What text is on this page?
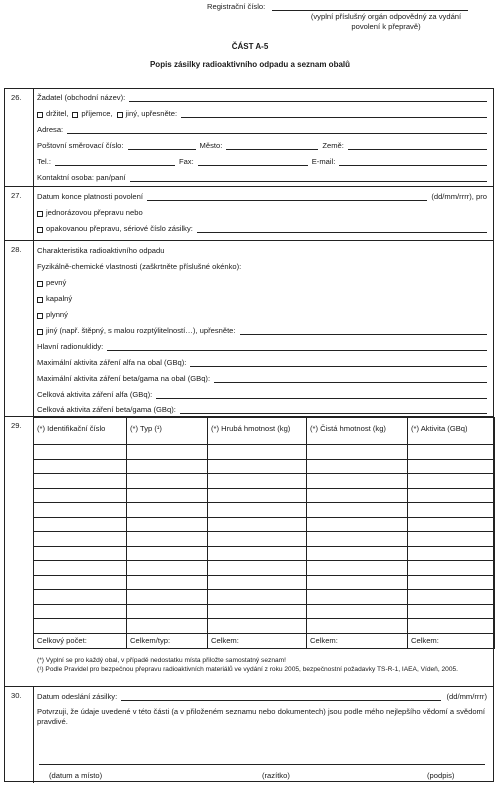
Registrační číslo:
(vyplní příslušný orgán odpovědný za vydání
povolení k přepravě)
ČÁST A-5
Popis zásilky radioaktivního odpadu a seznam obalů
26. Žadatel (obchodní název):
držitel, příjemce, jiný, upřesněte:
Adresa:
Poštovní směrovací číslo:	Město:	Země:
Tel.:	Fax:	E-mail:
Kontaktní osoba: pan/paní
27. Datum konce platnosti povolení	(dd/mm/rrrr), pro
jednorázovou přepravu nebo
opakovanou přepravu, sériové číslo zásilky:
28. Charakteristika radioaktivního odpadu
Fyzikálně-chemické vlastnosti (zaškrtněte příslušné okénko):
pevný
kapalný
plynný
jiný (např. štěpný, s malou rozptýlitelností…), upřesněte:
Hlavní radionuklidy:
Maximální aktivita záření alfa na obal (GBq):
Maximální aktivita záření beta/gama na obal (GBq):
Celková aktivita záření alfa (GBq):
Celková aktivita záření beta/gama (GBq):
29. (*) Identifikační číslo	(*) Typ (¹)	(*) Hrubá hmotnost (kg)	(*) Čistá hmotnost (kg)	(*) Aktivita (GBq)

Celkový počet:	Celkem/typ:	Celkem:	Celkem:	Celkem:
(*) Vyplní se pro každý obal, v případě nedostatku místa přiložte samostatný seznam!
(¹) Podle Pravidel pro bezpečnou přepravu radioaktivních materiálů ve vydání z roku 2005, bezpečnostní požadavky TS-R-1, IAEA, Vídeň, 2005.
30. Datum odeslání zásilky:	(dd/mm/rrrr)
Potvrzuji, že údaje uvedené v této části (a v přiloženém seznamu nebo dokumentech) jsou podle mého nejlepšího vědomí a svědomí pravdivé.
(datum a místo)	(razítko)	(podpis)
